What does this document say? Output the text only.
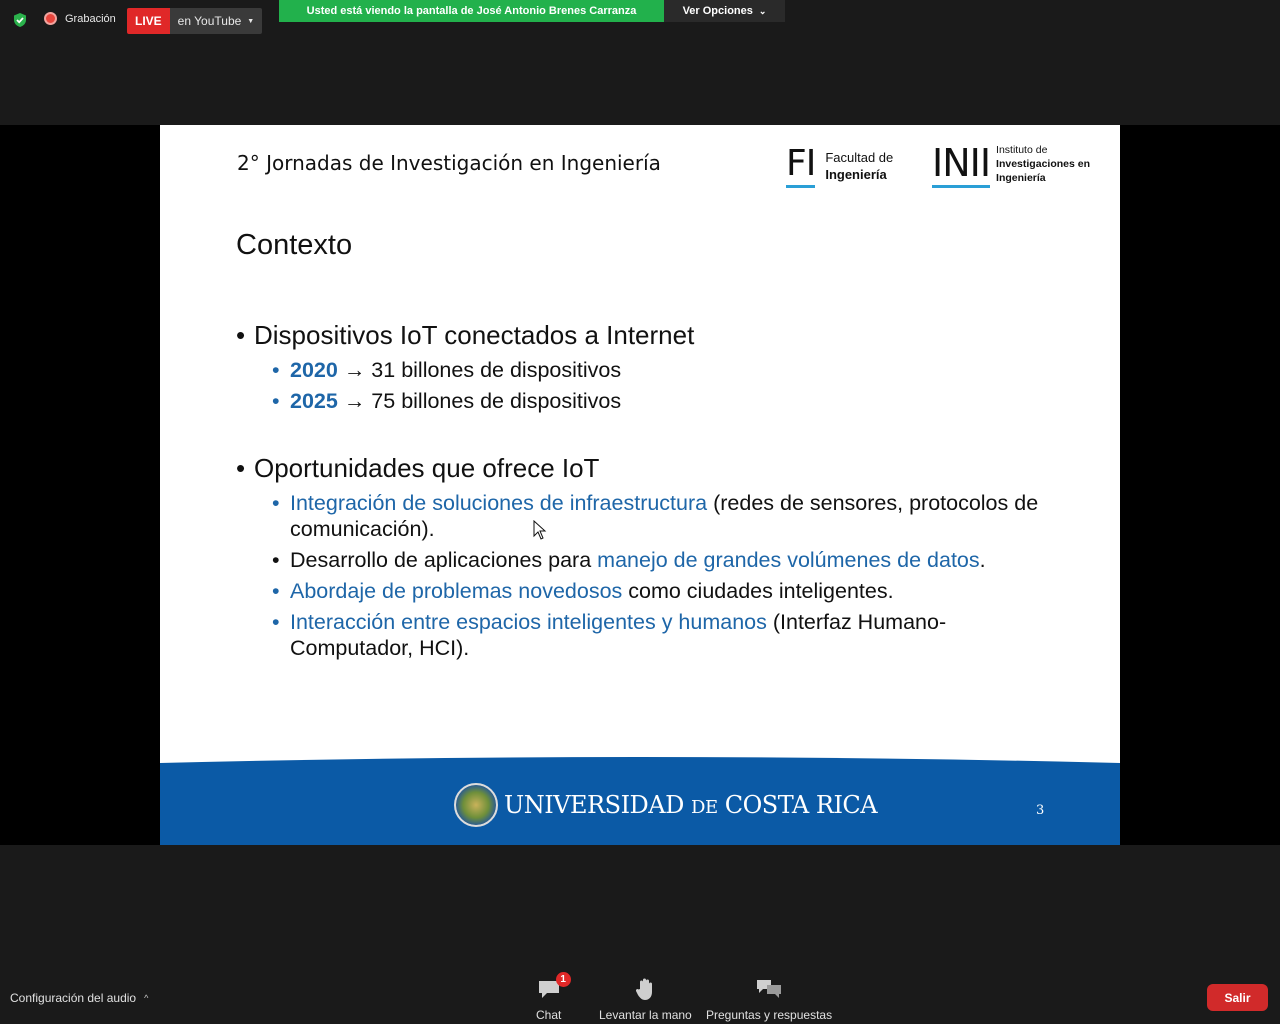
Grabación	LIVE	en YouTube ▼
Usted está viendo la pantalla de José Antonio Brenes Carranza	Ver Opciones ⌄
2° Jornadas de Investigación en Ingeniería	FI Facultad de
Ingeniería INII Instituto de
Investigaciones en
Ingeniería
Contexto
• Dispositivos IoT conectados a Internet
• 2020 → 31 billones de dispositivos
• 2025 → 75 billones de dispositivos
• Oportunidades que ofrece IoT
• Integración de soluciones de infraestructura (redes de sensores, protocolos de comunicación).
• Desarrollo de aplicaciones para manejo de grandes volúmenes de datos.
• Abordaje de problemas novedosos como ciudades inteligentes.
• Interacción entre espacios inteligentes y humanos (Interfaz Humano-Computador, HCI).
UNIVERSIDAD DE COSTA RICA	3
Configuración del audio ^
1
Chat	Levantar la mano Preguntas y respuestas
Salir
